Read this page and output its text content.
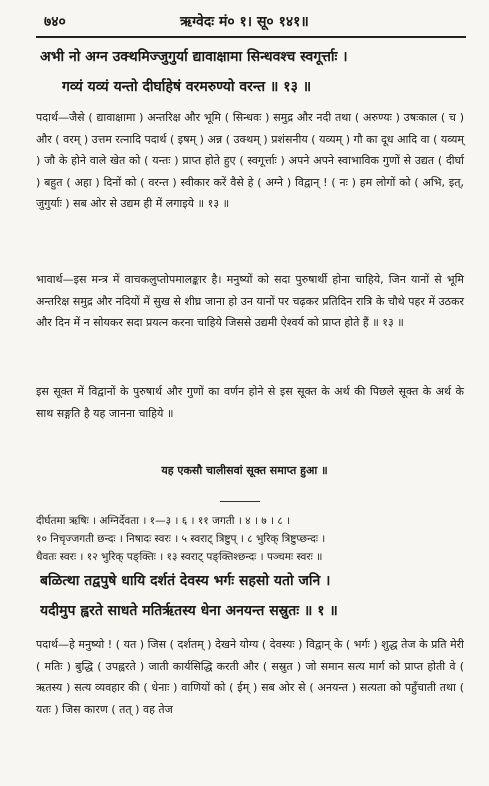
७४०	ऋग्वेदः मं० १। सू० १४१॥
अभी नो अग्न उक्थमिज्जुगुर्या द्यावाक्षामा सिन्धवश्च स्वगूर्त्ताः ।
गव्यं यव्यं यन्तो दीर्घाहेषं वरमरुण्यो वरन्त ॥ १३ ॥

पदार्थ—जैसे ( द्यावाक्षामा ) अन्तरिक्ष और भूमि ( सिन्धवः ) समुद्र और नदी तथा ( अरुण्यः ) उषःकाल ( च ) और ( वरम् ) उत्तम रत्नादि पदार्थ ( इषम् ) अन्न ( उक्थम् ) प्रशंसनीय ( यव्यम् ) गौ का दूध आदि वा ( यव्यम् ) जौ के होने वाले खेत को ( यन्तः ) प्राप्त होते हुए ( स्वगूर्त्ताः ) अपने अपने स्वाभाविक गुणों से उद्यत ( दीर्घा ) बहुत ( अहा ) दिनों को ( वरन्त ) स्वीकार करें वैसे हे ( अग्ने ) विद्वान् ! ( नः ) हम लोगों को ( अभि, इत्, जुगुर्याः ) सब ओर से उद्यम ही में लगाइये ॥ १३ ॥

भावार्थ—इस मन्त्र में वाचकलुप्तोपमालङ्कार है। मनुष्यों को सदा पुरुषार्थी होना चाहिये, जिन यानों से भूमि अन्तरिक्ष समुद्र और नदियों में सुख से शीघ्र जाना हो उन यानों पर चढ़कर प्रतिदिन रात्रि के चौथे पहर में उठकर और दिन में न सोयकर सदा प्रयत्न करना चाहिये जिससे उद्यमी ऐश्वर्य को प्राप्त होते हैं ॥ १३ ॥

इस सूक्त में विद्वानों के पुरुषार्थ और गुणों का वर्णन होने से इस सूक्त के अर्थ की पिछले सूक्त के अर्थ के साथ सङ्गति है यह जानना चाहिये ॥

यह एकसौ चालीसवां सूक्त समाप्त हुआ ॥

दीर्घतमा ऋषिः । अग्निर्देवता । १—३ । ६ । ११ जगती । ४ । ७ । ८ ।

१० निचृज्जगती छन्दः । निषादः स्वरः । ५ स्वराट् त्रिष्टुप् । ८ भुरिक् त्रिष्टुप्छन्दः ।

धैवतः स्वरः । १२ भुरिक् पङ्क्तिः । १३ स्वराट् पङ्क्तिश्छन्दः । पञ्चमः स्वरः ॥

बळित्था तद्वपुषे धायि दर्शतं देवस्य भर्गः सहसो यतो जनि ।
यदीमुप ह्वरते साधते मतिर्ऋतस्य धेना अनयन्त सस्रुतः ॥ १ ॥

पदार्थ—हे मनुष्यो ! ( यत ) जिस ( दर्शतम् ) देखने योग्य ( देवस्यः ) विद्वान् के ( भर्गः ) शुद्ध तेज के प्रति मेरी ( मतिः ) बुद्धि ( उपह्वरते ) जाती कार्यसिद्धि करती और ( सस्रुत ) जो समान सत्य मार्ग को प्राप्त होती वे ( ऋतस्य ) सत्य व्यवहार की ( धेनाः ) वाणियों को ( ईम् ) सब ओर से ( अनयन्त ) सत्यता को पहुँचाती तथा ( यतः ) जिस कारण ( तत् ) वह तेज
